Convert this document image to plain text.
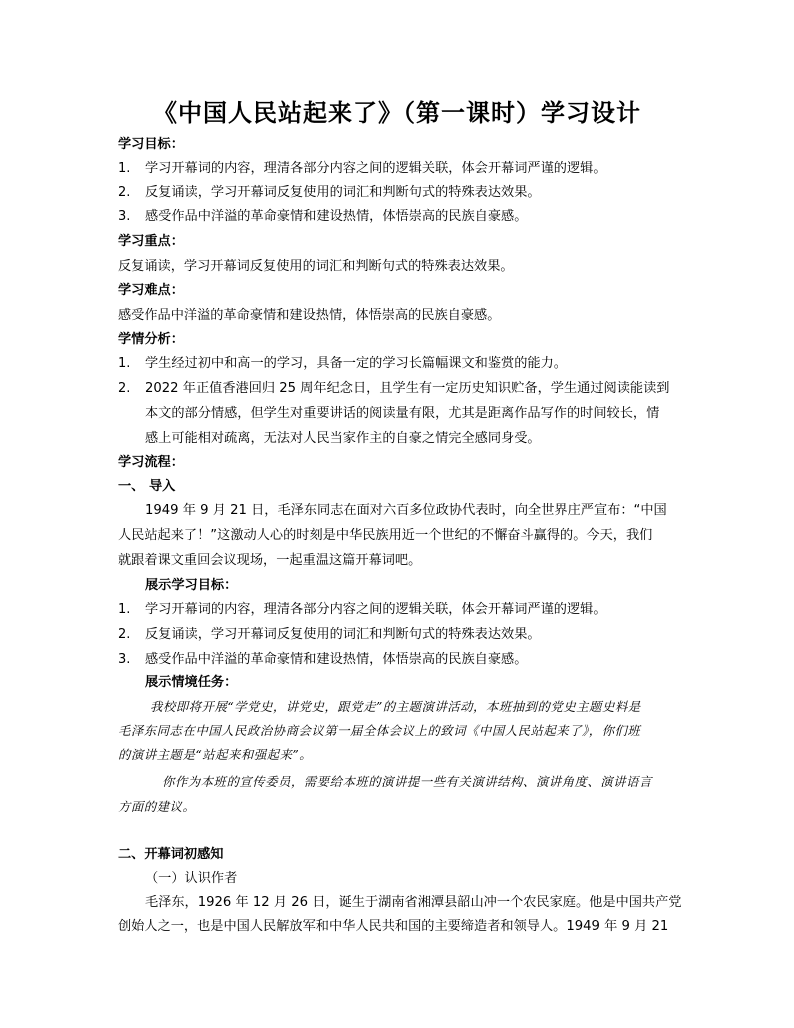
《中国人民站起来了》（第一课时）学习设计
学习目标：
1. 学习开幕词的内容，理清各部分内容之间的逻辑关联，体会开幕词严谨的逻辑。
2. 反复诵读，学习开幕词反复使用的词汇和判断句式的特殊表达效果。
3. 感受作品中洋溢的革命豪情和建设热情，体悟崇高的民族自豪感。
学习重点：
反复诵读，学习开幕词反复使用的词汇和判断句式的特殊表达效果。
学习难点：
感受作品中洋溢的革命豪情和建设热情，体悟崇高的民族自豪感。
学情分析：
1. 学生经过初中和高一的学习，具备一定的学习长篇幅课文和鉴赏的能力。
2. 2022 年正值香港回归 25 周年纪念日，且学生有一定历史知识贮备，学生通过阅读能读到
本文的部分情感，但学生对重要讲话的阅读量有限，尤其是距离作品写作的时间较长，情
感上可能相对疏离，无法对人民当家作主的自豪之情完全感同身受。
学习流程：
一、 导入
1949 年 9 月 21 日，毛泽东同志在面对六百多位政协代表时，向全世界庄严宣布：“中国
人民站起来了！”这激动人心的时刻是中华民族用近一个世纪的不懈奋斗赢得的。今天，我们
就跟着课文重回会议现场，一起重温这篇开幕词吧。
展示学习目标：
1. 学习开幕词的内容，理清各部分内容之间的逻辑关联，体会开幕词严谨的逻辑。
2. 反复诵读，学习开幕词反复使用的词汇和判断句式的特殊表达效果。
3. 感受作品中洋溢的革命豪情和建设热情，体悟崇高的民族自豪感。
展示情境任务：
我校即将开展“学党史，讲党史，跟党走”的主题演讲活动，本班抽到的党史主题史料是
毛泽东同志在中国人民政治协商会议第一届全体会议上的致词《中国人民站起来了》，你们班
的演讲主题是“站起来和强起来”。
你作为本班的宣传委员，需要给本班的演讲提一些有关演讲结构、演讲角度、演讲语言
方面的建议。
二、开幕词初感知
（一）认识作者
毛泽东，1926 年 12 月 26 日，诞生于湖南省湘潭县韶山冲一个农民家庭。他是中国共产党
创始人之一，也是中国人民解放军和中华人民共和国的主要缔造者和领导人。1949 年 9 月 21
